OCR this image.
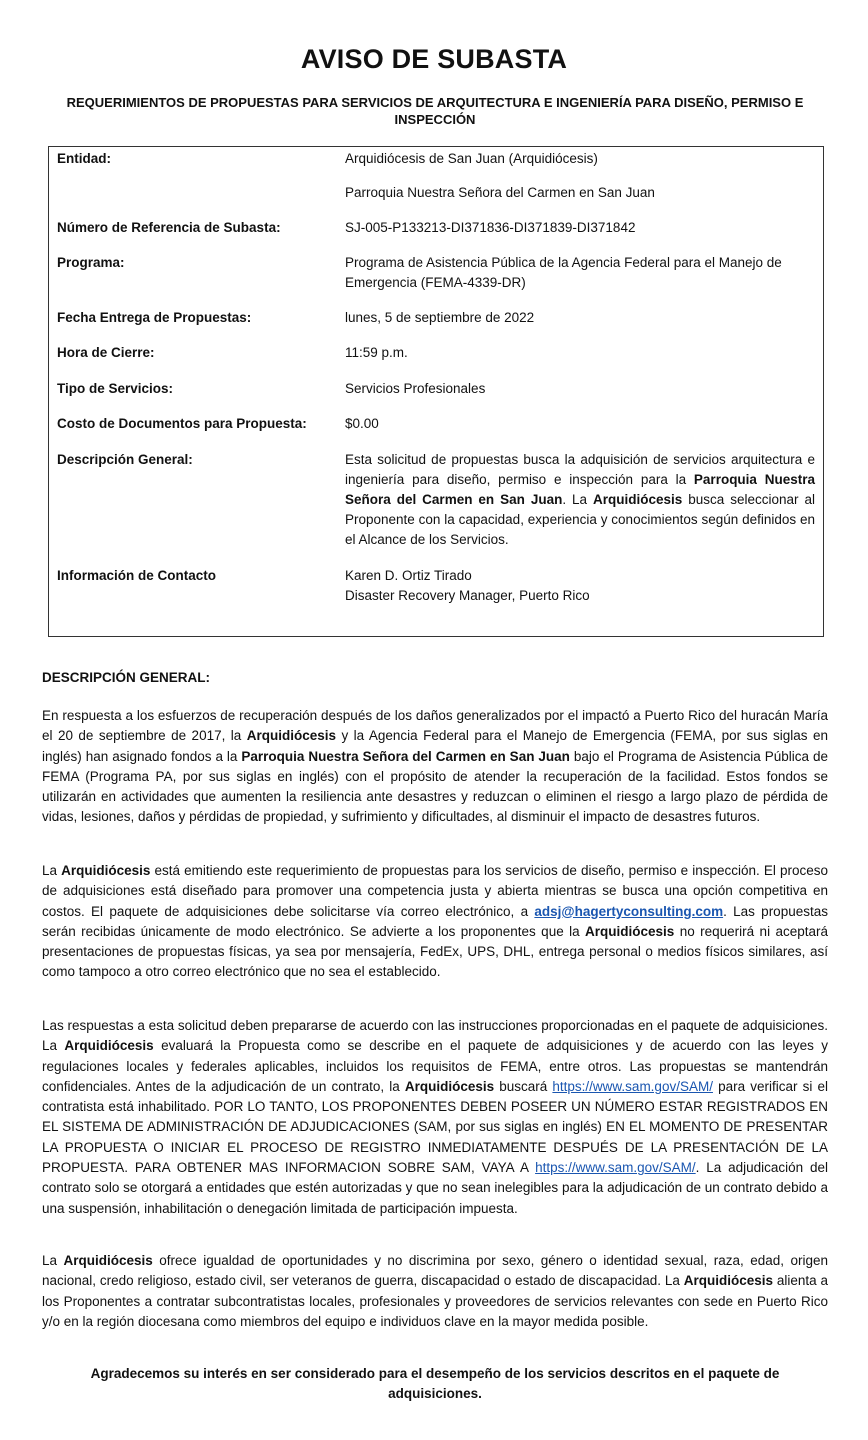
AVISO DE SUBASTA
REQUERIMIENTOS DE PROPUESTAS PARA SERVICIOS DE ARQUITECTURA E INGENIERÍA PARA DISEÑO, PERMISO E INSPECCIÓN
Entidad:	Arquidiócesis de San Juan (Arquidiócesis)

Parroquia Nuestra Señora del Carmen en San Juan

Número de Referencia de Subasta:	SJ-005-P133213-DI371836-DI371839-DI371842
Programa:	Programa de Asistencia Pública de la Agencia Federal para el Manejo de Emergencia (FEMA-4339-DR)
Fecha Entrega de Propuestas:	lunes, 5 de septiembre de 2022
Hora de Cierre:	11:59 p.m.
Tipo de Servicios:	Servicios Profesionales
Costo de Documentos para Propuesta:	$0.00
Descripción General:	Esta solicitud de propuestas busca la adquisición de servicios arquitectura e ingeniería para diseño, permiso e inspección para la Parroquia Nuestra Señora del Carmen en San Juan. La Arquidiócesis busca seleccionar al Proponente con la capacidad, experiencia y conocimientos según definidos en el Alcance de los Servicios.
Información de Contacto	Karen D. Ortiz Tirado
Disaster Recovery Manager, Puerto Rico
DESCRIPCIÓN GENERAL:
En respuesta a los esfuerzos de recuperación después de los daños generalizados por el impactó a Puerto Rico del huracán María el 20 de septiembre de 2017, la Arquidiócesis y la Agencia Federal para el Manejo de Emergencia (FEMA, por sus siglas en inglés) han asignado fondos a la Parroquia Nuestra Señora del Carmen en San Juan bajo el Programa de Asistencia Pública de FEMA (Programa PA, por sus siglas en inglés) con el propósito de atender la recuperación de la facilidad. Estos fondos se utilizarán en actividades que aumenten la resiliencia ante desastres y reduzcan o eliminen el riesgo a largo plazo de pérdida de vidas, lesiones, daños y pérdidas de propiedad, y sufrimiento y dificultades, al disminuir el impacto de desastres futuros.
La Arquidiócesis está emitiendo este requerimiento de propuestas para los servicios de diseño, permiso e inspección. El proceso de adquisiciones está diseñado para promover una competencia justa y abierta mientras se busca una opción competitiva en costos. El paquete de adquisiciones debe solicitarse vía correo electrónico, a adsj@hagertyconsulting.com. Las propuestas serán recibidas únicamente de modo electrónico. Se advierte a los proponentes que la Arquidiócesis no requerirá ni aceptará presentaciones de propuestas físicas, ya sea por mensajería, FedEx, UPS, DHL, entrega personal o medios físicos similares, así como tampoco a otro correo electrónico que no sea el establecido.
Las respuestas a esta solicitud deben prepararse de acuerdo con las instrucciones proporcionadas en el paquete de adquisiciones. La Arquidiócesis evaluará la Propuesta como se describe en el paquete de adquisiciones y de acuerdo con las leyes y regulaciones locales y federales aplicables, incluidos los requisitos de FEMA, entre otros. Las propuestas se mantendrán confidenciales. Antes de la adjudicación de un contrato, la Arquidiócesis buscará https://www.sam.gov/SAM/ para verificar si el contratista está inhabilitado. POR LO TANTO, LOS PROPONENTES DEBEN POSEER UN NÚMERO ESTAR REGISTRADOS EN EL SISTEMA DE ADMINISTRACIÓN DE ADJUDICACIONES (SAM, por sus siglas en inglés) EN EL MOMENTO DE PRESENTAR LA PROPUESTA O INICIAR EL PROCESO DE REGISTRO INMEDIATAMENTE DESPUÉS DE LA PRESENTACIÓN DE LA PROPUESTA. PARA OBTENER MAS INFORMACION SOBRE SAM, VAYA A https://www.sam.gov/SAM/. La adjudicación del contrato solo se otorgará a entidades que estén autorizadas y que no sean inelegibles para la adjudicación de un contrato debido a una suspensión, inhabilitación o denegación limitada de participación impuesta.
La Arquidiócesis ofrece igualdad de oportunidades y no discrimina por sexo, género o identidad sexual, raza, edad, origen nacional, credo religioso, estado civil, ser veteranos de guerra, discapacidad o estado de discapacidad. La Arquidiócesis alienta a los Proponentes a contratar subcontratistas locales, profesionales y proveedores de servicios relevantes con sede en Puerto Rico y/o en la región diocesana como miembros del equipo e individuos clave en la mayor medida posible.
Agradecemos su interés en ser considerado para el desempeño de los servicios descritos en el paquete de adquisiciones.
